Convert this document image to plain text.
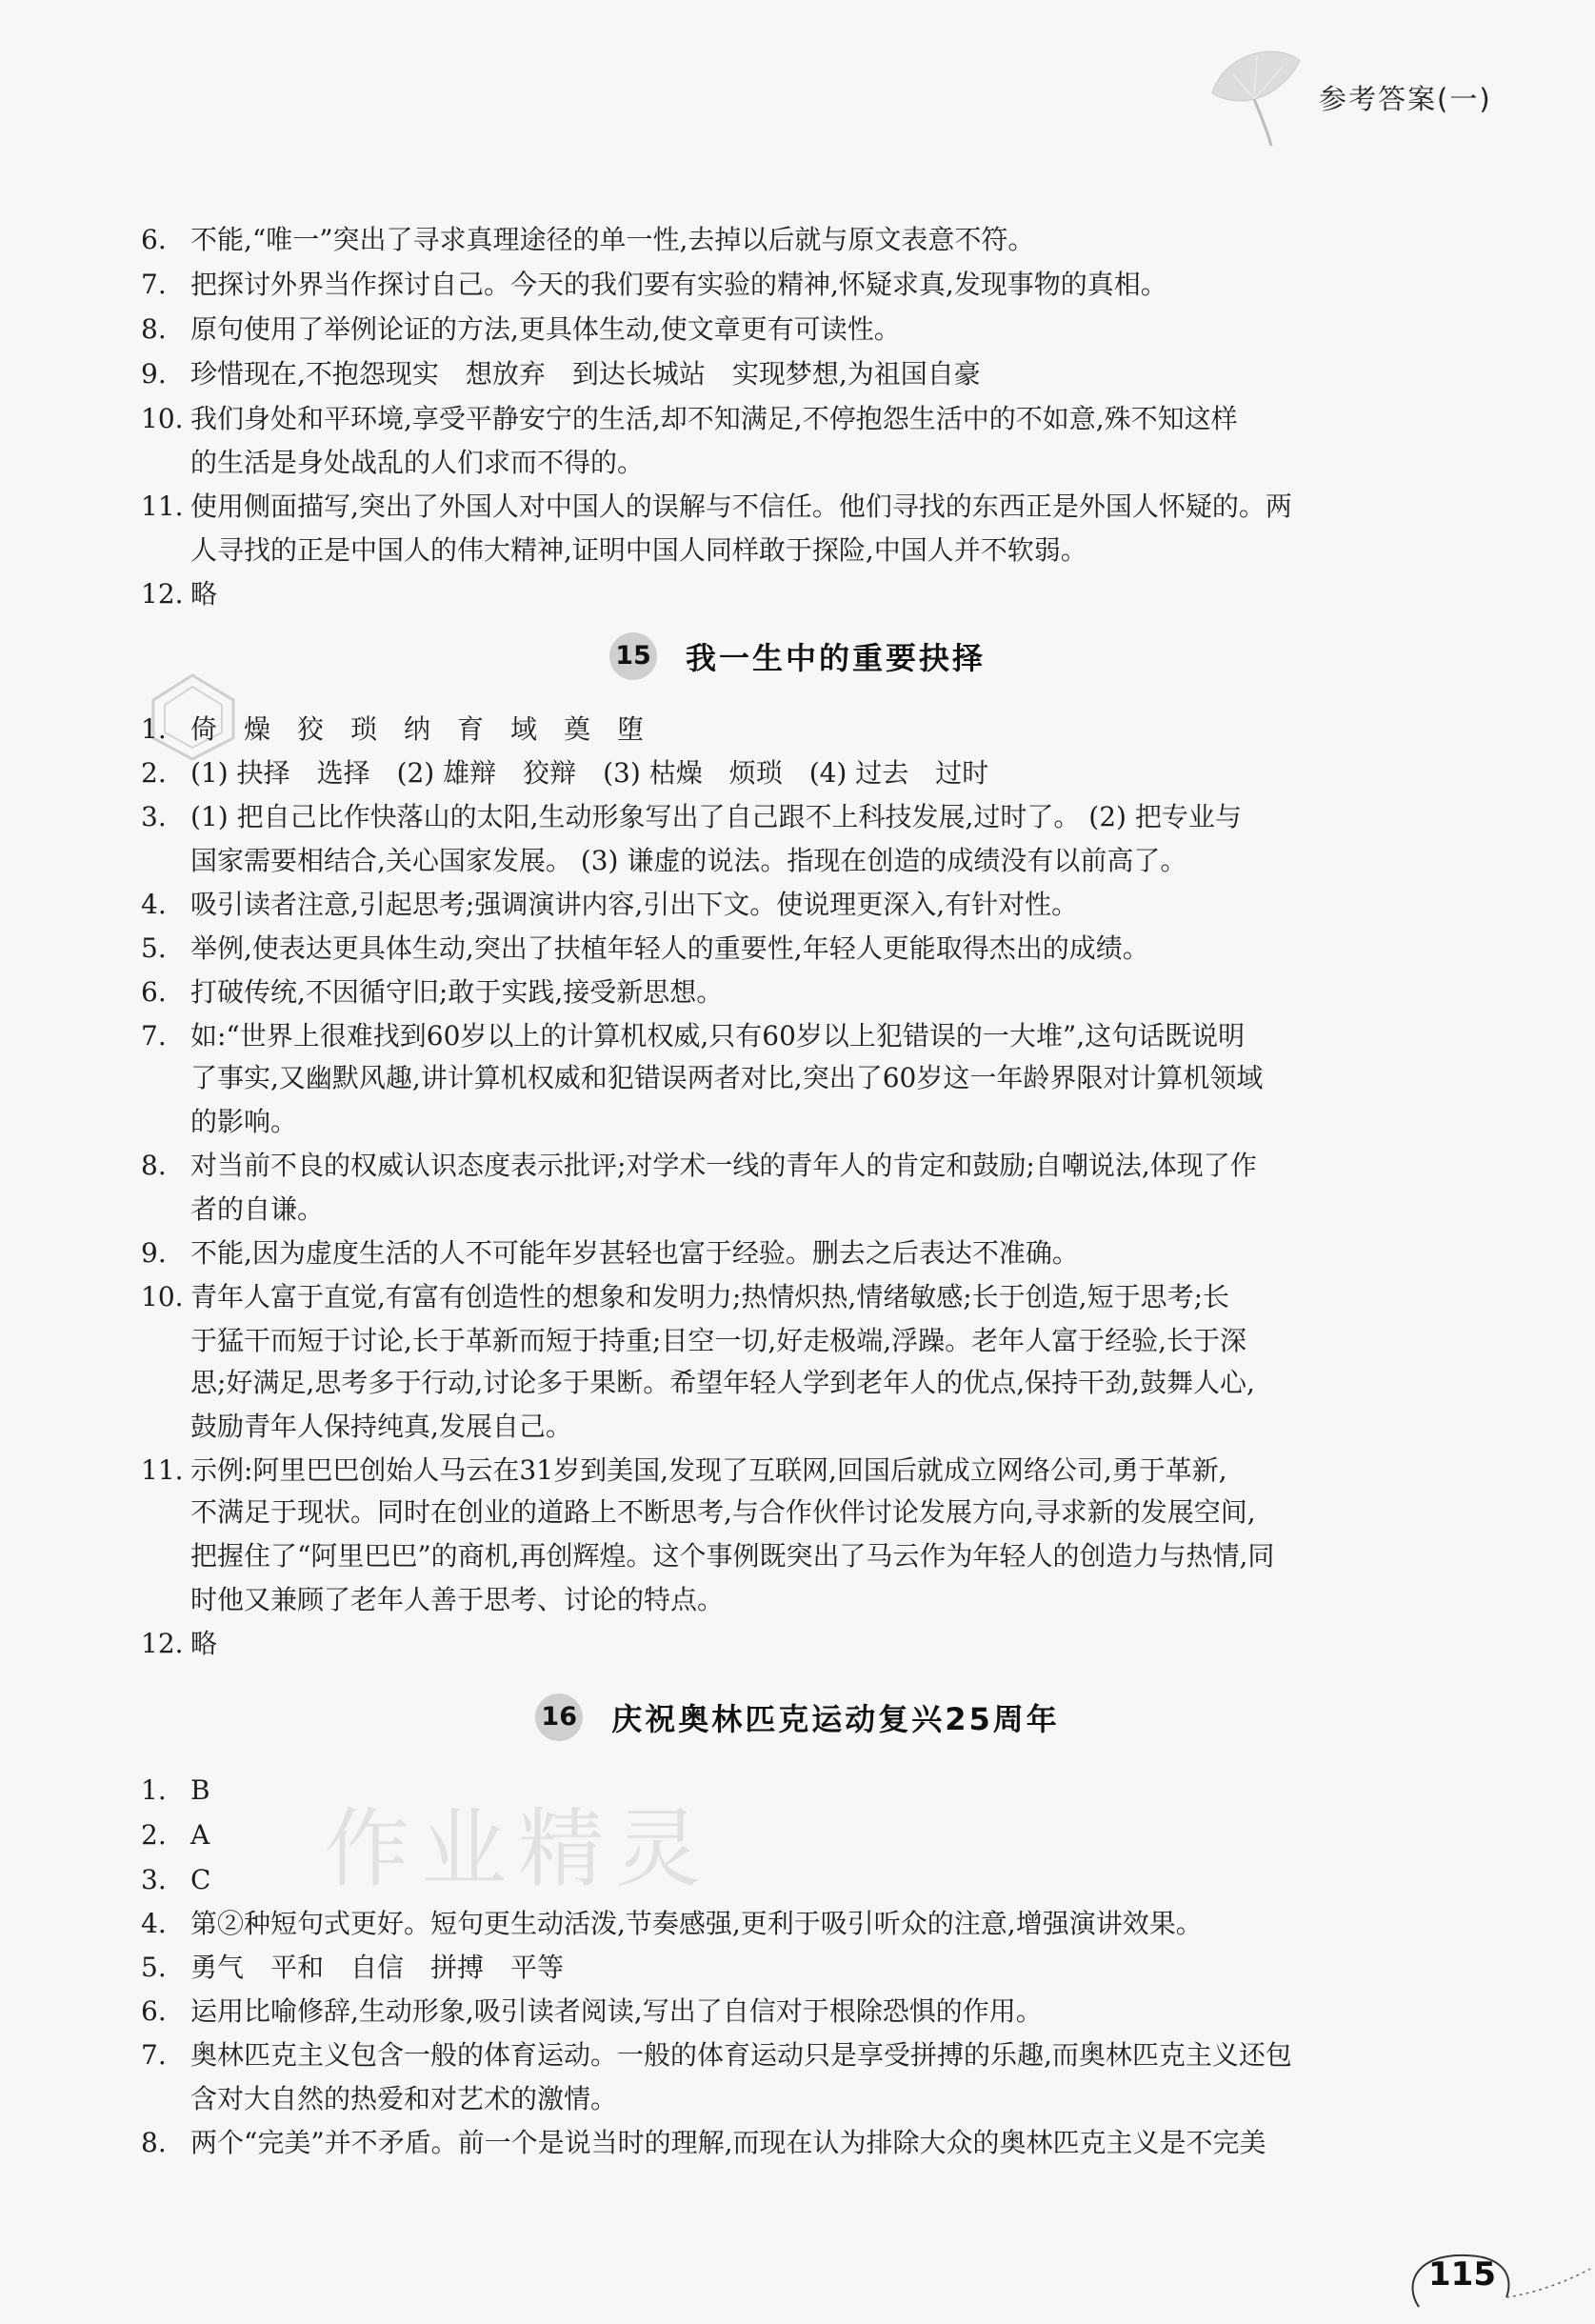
参考答案(一)
作业精灵
6. 不能,“唯一”突出了寻求真理途径的单一性,去掉以后就与原文表意不符。
7. 把探讨外界当作探讨自己。今天的我们要有实验的精神,怀疑求真,发现事物的真相。
8. 原句使用了举例论证的方法,更具体生动,使文章更有可读性。
9. 珍惜现在,不抱怨现实　想放弃　到达长城站　实现梦想,为祖国自豪
10. 我们身处和平环境,享受平静安宁的生活,却不知满足,不停抱怨生活中的不如意,殊不知这样
的生活是身处战乱的人们求而不得的。
11. 使用侧面描写,突出了外国人对中国人的误解与不信任。他们寻找的东西正是外国人怀疑的。两
人寻找的正是中国人的伟大精神,证明中国人同样敢于探险,中国人并不软弱。
12. 略
15 我一生中的重要抉择
1. 倚　燥　狡　琐　纳　育　域　奠　堕
2. (1) 抉择　选择　(2) 雄辩　狡辩　(3) 枯燥　烦琐　(4) 过去　过时
3. (1) 把自己比作快落山的太阳,生动形象写出了自己跟不上科技发展,过时了。 (2) 把专业与
国家需要相结合,关心国家发展。 (3) 谦虚的说法。指现在创造的成绩没有以前高了。
4. 吸引读者注意,引起思考;强调演讲内容,引出下文。使说理更深入,有针对性。
5. 举例,使表达更具体生动,突出了扶植年轻人的重要性,年轻人更能取得杰出的成绩。
6. 打破传统,不因循守旧;敢于实践,接受新思想。
7. 如:“世界上很难找到60岁以上的计算机权威,只有60岁以上犯错误的一大堆”,这句话既说明
了事实,又幽默风趣,讲计算机权威和犯错误两者对比,突出了60岁这一年龄界限对计算机领域
的影响。
8. 对当前不良的权威认识态度表示批评;对学术一线的青年人的肯定和鼓励;自嘲说法,体现了作
者的自谦。
9. 不能,因为虚度生活的人不可能年岁甚轻也富于经验。删去之后表达不准确。
10. 青年人富于直觉,有富有创造性的想象和发明力;热情炽热,情绪敏感;长于创造,短于思考;长
于猛干而短于讨论,长于革新而短于持重;目空一切,好走极端,浮躁。老年人富于经验,长于深
思;好满足,思考多于行动,讨论多于果断。希望年轻人学到老年人的优点,保持干劲,鼓舞人心,
鼓励青年人保持纯真,发展自己。
11. 示例:阿里巴巴创始人马云在31岁到美国,发现了互联网,回国后就成立网络公司,勇于革新,
不满足于现状。同时在创业的道路上不断思考,与合作伙伴讨论发展方向,寻求新的发展空间,
把握住了“阿里巴巴”的商机,再创辉煌。这个事例既突出了马云作为年轻人的创造力与热情,同
时他又兼顾了老年人善于思考、讨论的特点。
12. 略
16 庆祝奥林匹克运动复兴25周年
1. B
2. A
3. C
4. 第②种短句式更好。短句更生动活泼,节奏感强,更利于吸引听众的注意,增强演讲效果。
5. 勇气　平和　自信　拼搏　平等
6. 运用比喻修辞,生动形象,吸引读者阅读,写出了自信对于根除恐惧的作用。
7. 奥林匹克主义包含一般的体育运动。一般的体育运动只是享受拼搏的乐趣,而奥林匹克主义还包
含对大自然的热爱和对艺术的激情。
8. 两个“完美”并不矛盾。前一个是说当时的理解,而现在认为排除大众的奥林匹克主义是不完美
115
